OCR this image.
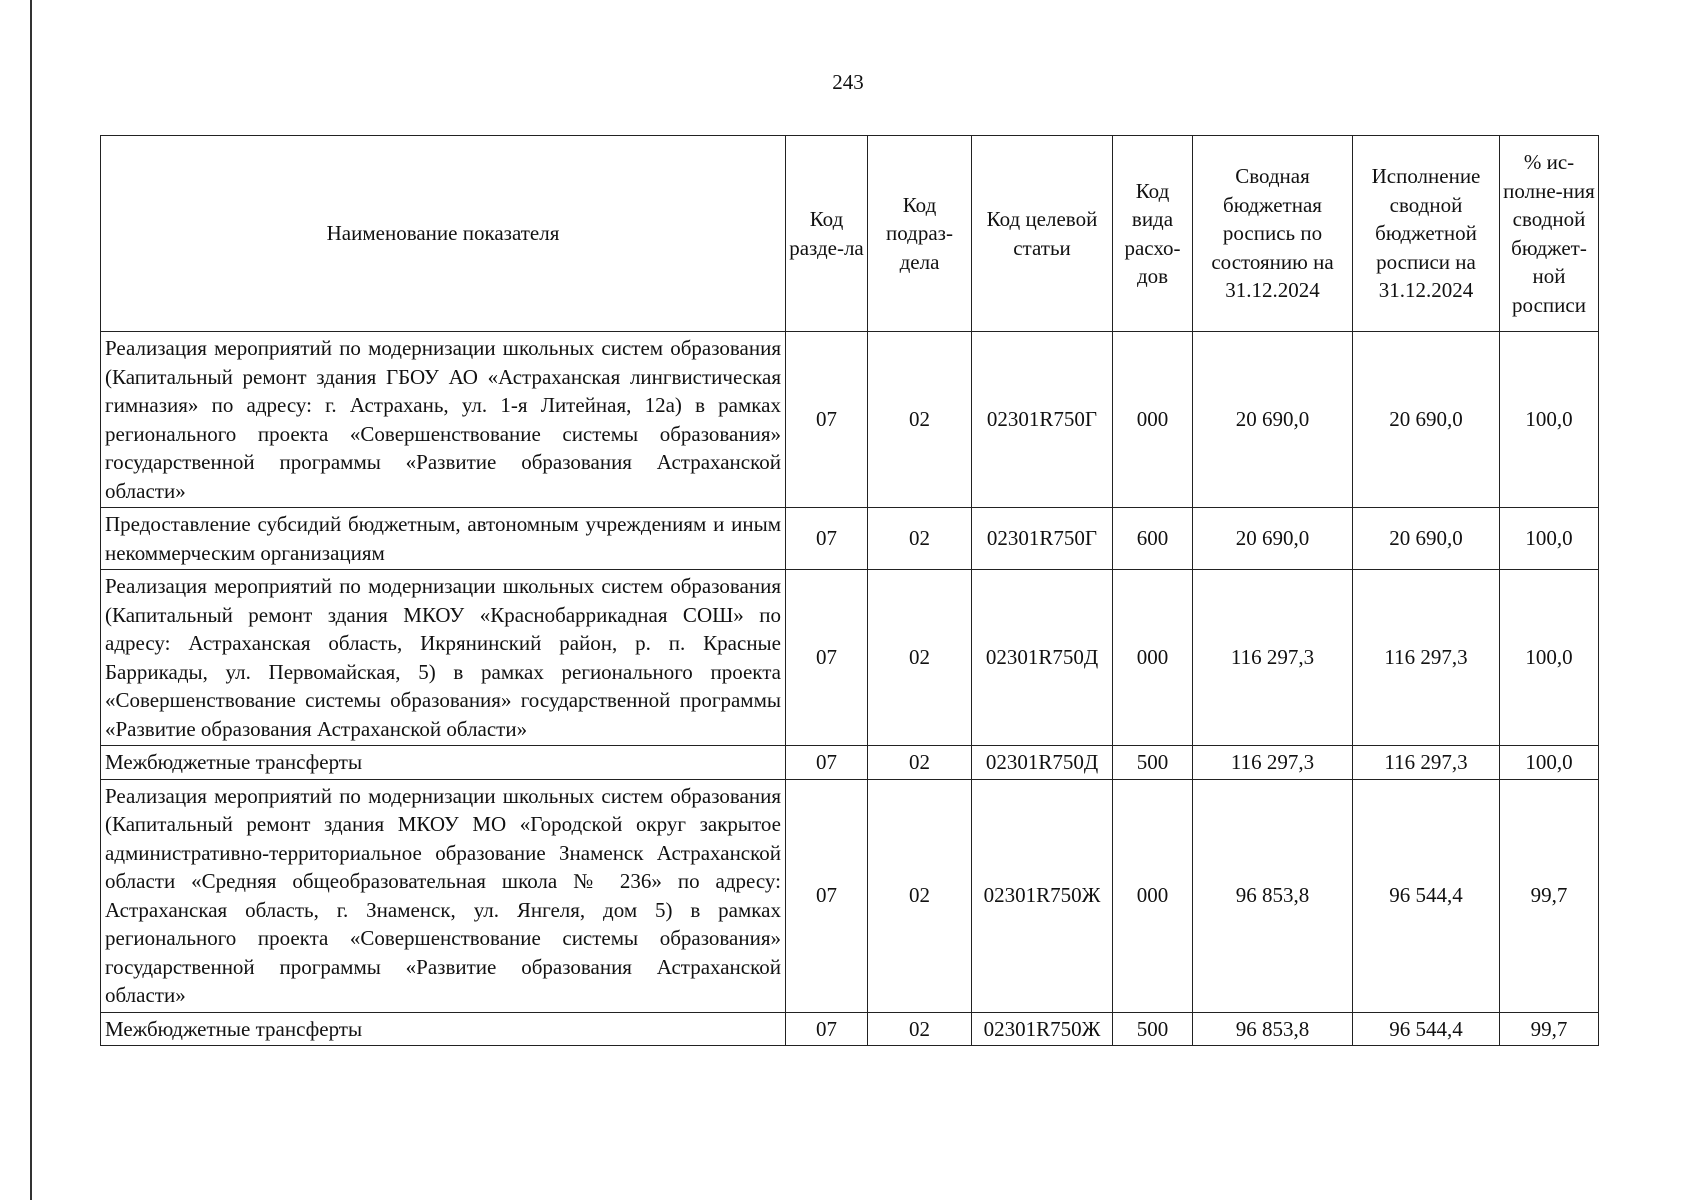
243
Наименование показателя	Код разде-ла	Код подраз-дела	Код целевой статьи	Код вида расхо-дов	Сводная бюджетная роспись по состоянию на 31.12.2024	Исполнение сводной бюджетной росписи на 31.12.2024	% ис-полне-ния сводной бюджет-ной росписи
Реализация мероприятий по модернизации школьных систем образования (Капитальный ремонт здания ГБОУ АО «Астраханская лингвистическая гимназия» по адресу: г. Астрахань, ул. 1-я Литейная, 12а) в рамках регионального проекта «Совершенствование системы образования» государственной программы «Развитие образования Астраханской области»	07	02	02301R750Г	000	20 690,0	20 690,0	100,0
Предоставление субсидий бюджетным, автономным учреждениям и иным некоммерческим организациям	07	02	02301R750Г	600	20 690,0	20 690,0	100,0
Реализация мероприятий по модернизации школьных систем образования (Капитальный ремонт здания МКОУ «Краснобаррикадная СОШ» по адресу: Астраханская область, Икрянинский район, р. п. Красные Баррикады, ул. Первомайская, 5) в рамках регионального проекта «Совершенствование системы образования» государственной программы «Развитие образования Астраханской области»	07	02	02301R750Д	000	116 297,3	116 297,3	100,0
Межбюджетные трансферты	07	02	02301R750Д	500	116 297,3	116 297,3	100,0
Реализация мероприятий по модернизации школьных систем образования (Капитальный ремонт здания МКОУ МО «Городской округ закрытое административно-территориальное образование Знаменск Астраханской области «Средняя общеобразовательная школа № 236» по адресу: Астраханская область, г. Знаменск, ул. Янгеля, дом 5) в рамках регионального проекта «Совершенствование системы образования» государственной программы «Развитие образования Астраханской области»	07	02	02301R750Ж	000	96 853,8	96 544,4	99,7
Межбюджетные трансферты	07	02	02301R750Ж	500	96 853,8	96 544,4	99,7
